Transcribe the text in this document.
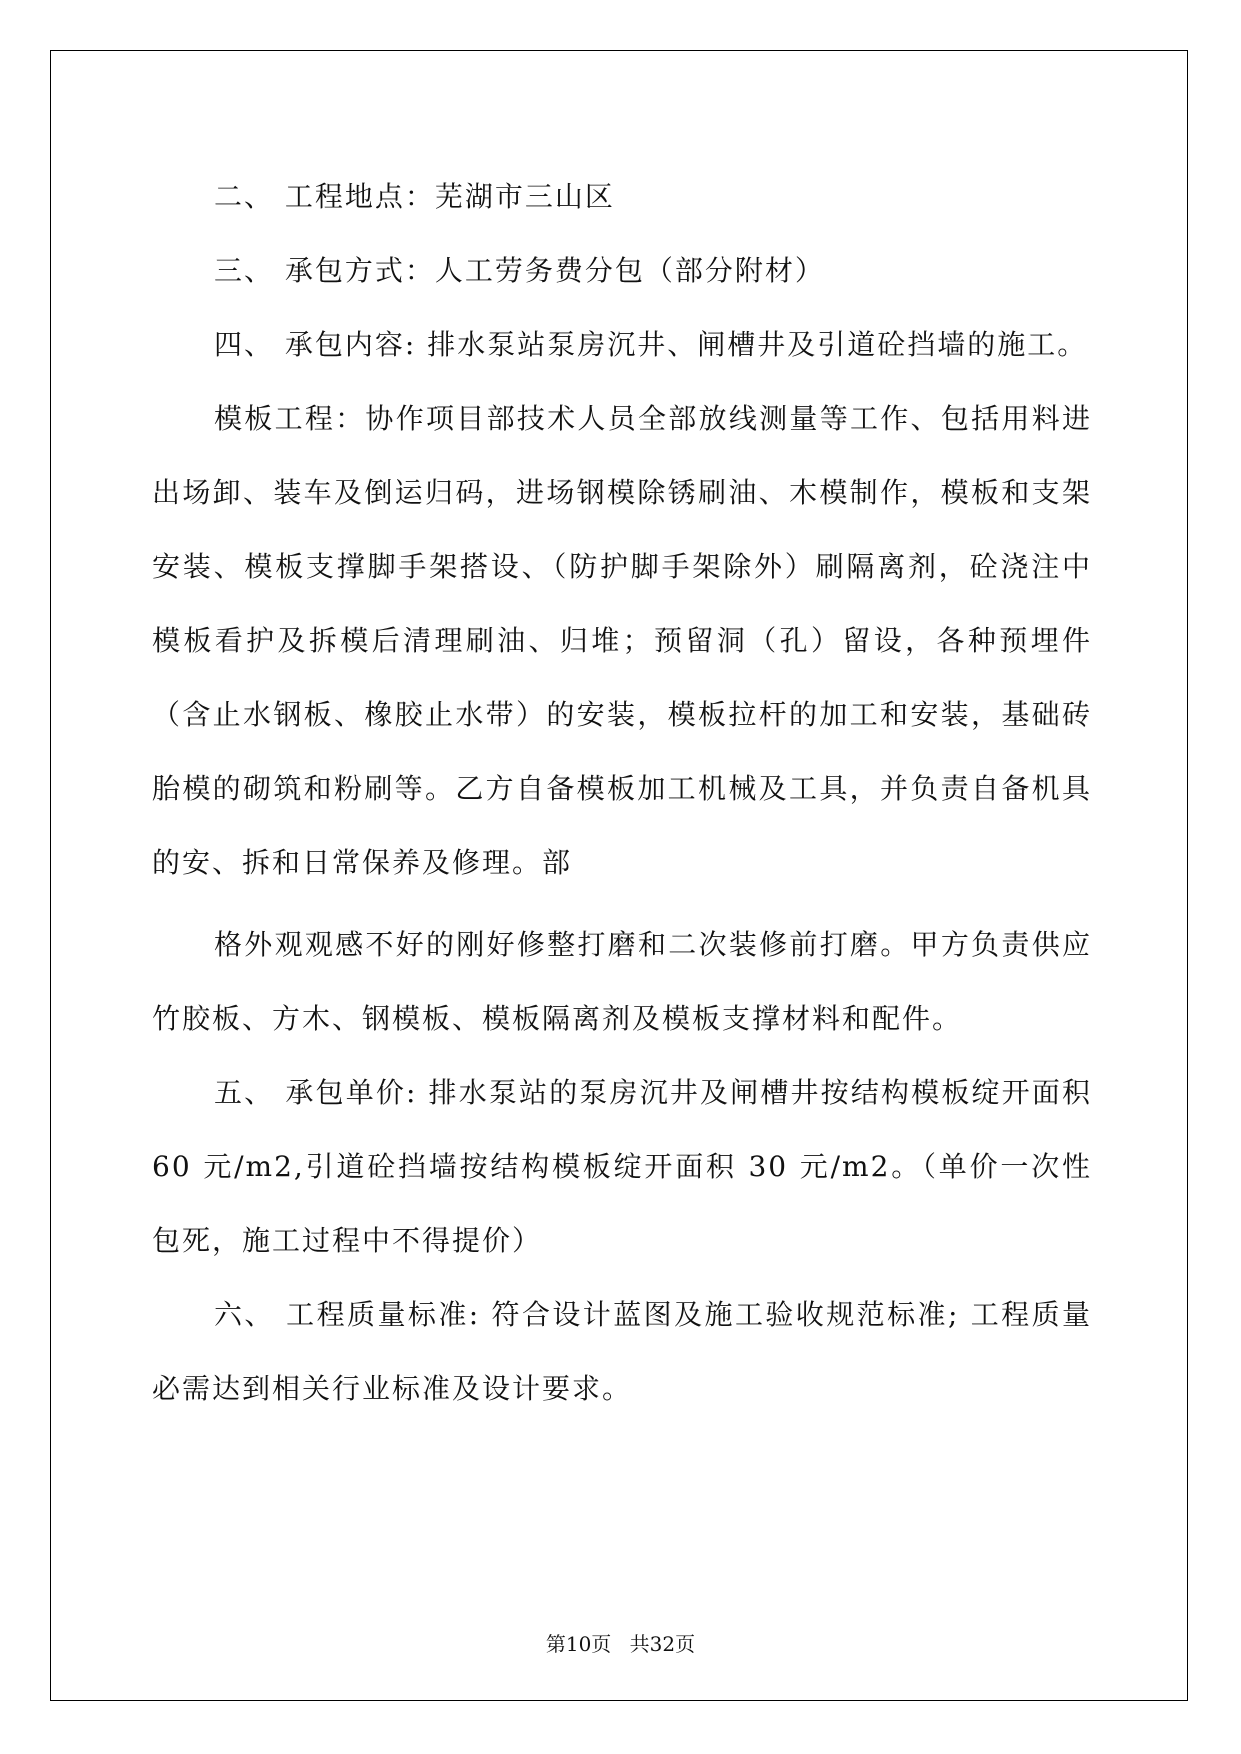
二、 工程地点：芜湖市三山区

三、 承包方式：人工劳务费分包（部分附材）

四、 承包内容: 排水泵站泵房沉井、闸槽井及引道砼挡墙的施工。

模板工程：协作项目部技术人员全部放线测量等工作、包括用料进出场卸、装车及倒运归码，进场钢模除锈刷油、木模制作，模板和支架安装、模板支撑脚手架搭设、（防护脚手架除外）刷隔离剂，砼浇注中模板看护及拆模后清理刷油、归堆；预留洞（孔）留设，各种预埋件（含止水钢板、橡胶止水带）的安装，模板拉杆的加工和安装，基础砖胎模的砌筑和粉刷等。乙方自备模板加工机械及工具，并负责自备机具的安、拆和日常保养及修理。部

格外观观感不好的刚好修整打磨和二次装修前打磨。甲方负责供应竹胶板、方木、钢模板、模板隔离剂及模板支撑材料和配件。

五、 承包单价: 排水泵站的泵房沉井及闸槽井按结构模板绽开面积 60 元/m2,引道砼挡墙按结构模板绽开面积 30 元/m2。（单价一次性包死，施工过程中不得提价）

六、 工程质量标准: 符合设计蓝图及施工验收规范标准; 工程质量必需达到相关行业标准及设计要求。

第10页 共32页
